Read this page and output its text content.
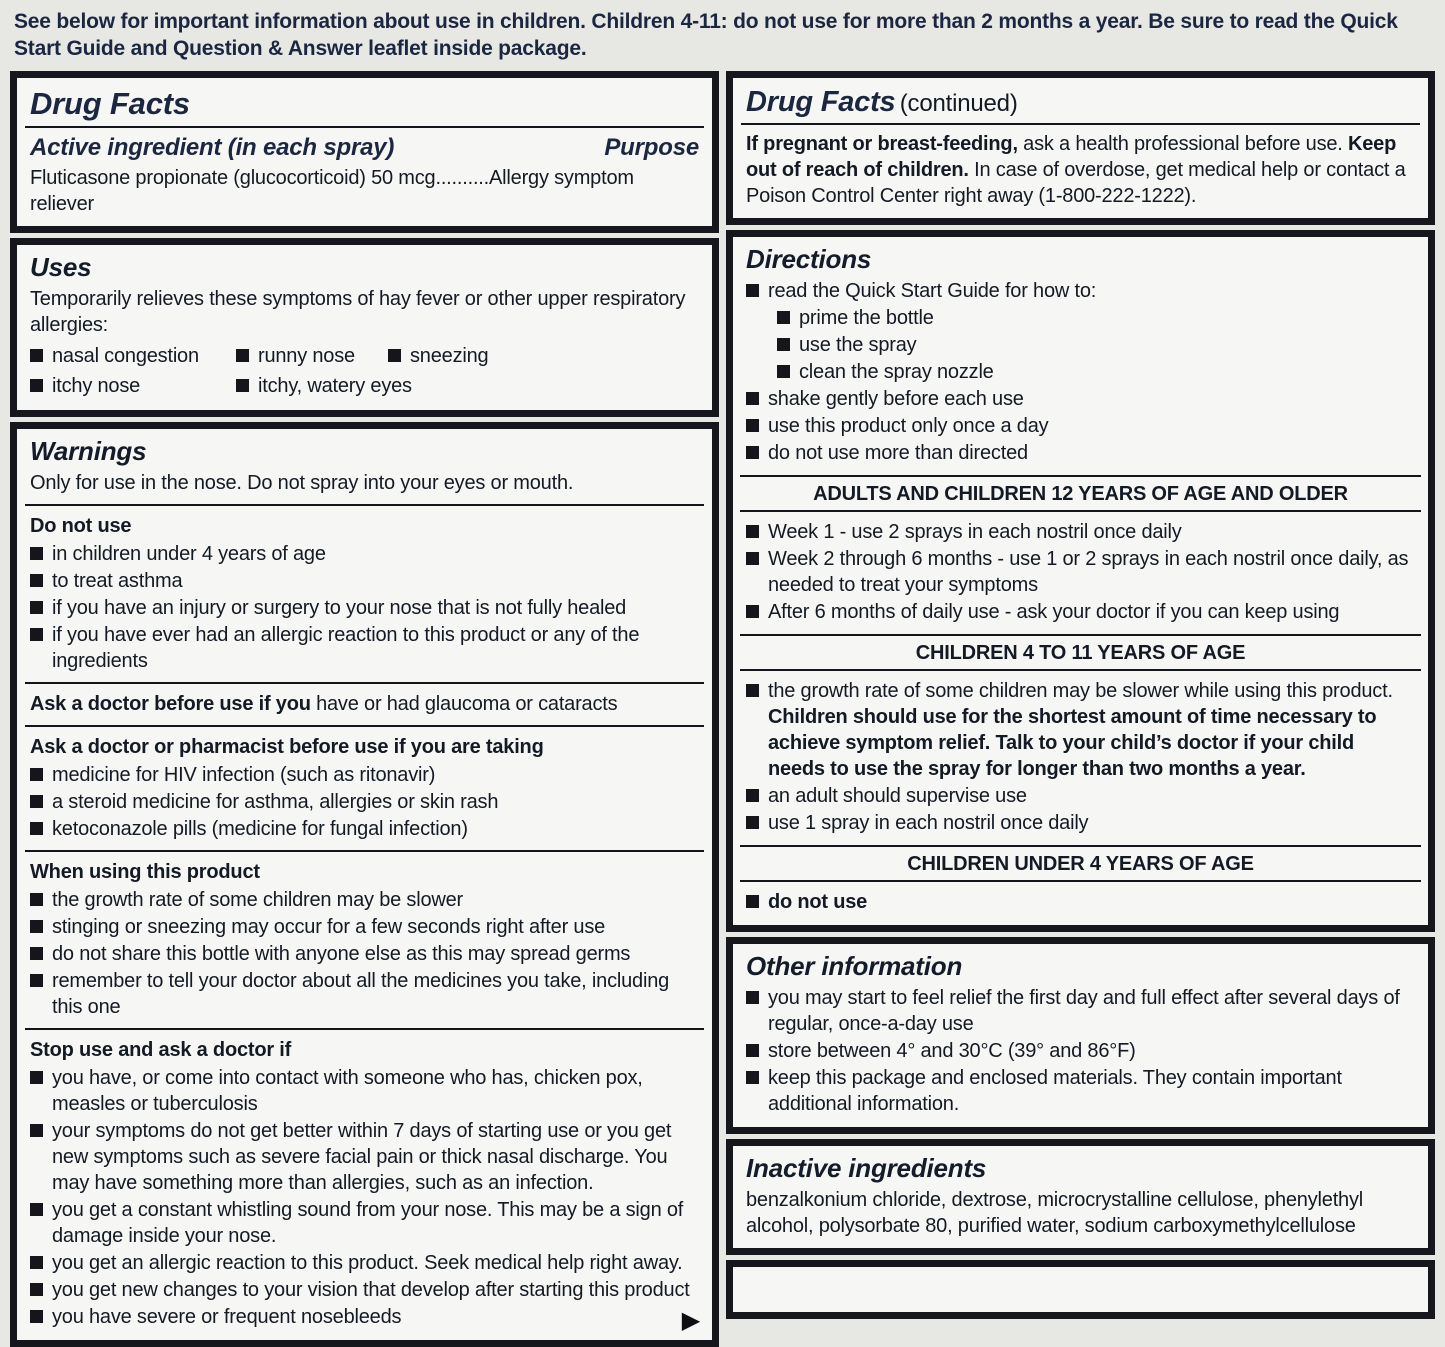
See below for important information about use in children. Children 4-11: do not use for more than 2 months a year. Be sure to read the Quick Start Guide and Question & Answer leaflet inside package.
Drug Facts
Active ingredient (in each spray)	Purpose
Fluticasone propionate (glucocorticoid) 50 mcg..........Allergy symptom reliever
Uses
Temporarily relieves these symptoms of hay fever or other upper respiratory allergies:
nasal congestion	runny nose	sneezing
itchy nose	itchy, watery eyes
Warnings
Only for use in the nose. Do not spray into your eyes or mouth.
Do not use
in children under 4 years of age
to treat asthma
if you have an injury or surgery to your nose that is not fully healed
if you have ever had an allergic reaction to this product or any of the ingredients
Ask a doctor before use if you have or had glaucoma or cataracts
Ask a doctor or pharmacist before use if you are taking
medicine for HIV infection (such as ritonavir)
a steroid medicine for asthma, allergies or skin rash
ketoconazole pills (medicine for fungal infection)
When using this product
the growth rate of some children may be slower
stinging or sneezing may occur for a few seconds right after use
do not share this bottle with anyone else as this may spread germs
remember to tell your doctor about all the medicines you take, including this one
Stop use and ask a doctor if
you have, or come into contact with someone who has, chicken pox, measles or tuberculosis
your symptoms do not get better within 7 days of starting use or you get new symptoms such as severe facial pain or thick nasal discharge. You may have something more than allergies, such as an infection.
you get a constant whistling sound from your nose. This may be a sign of damage inside your nose.
you get an allergic reaction to this product. Seek medical help right away.
you get new changes to your vision that develop after starting this product
you have severe or frequent nosebleeds	▶
Drug Facts (continued)
If pregnant or breast-feeding, ask a health professional before use. Keep out of reach of children. In case of overdose, get medical help or contact a Poison Control Center right away (1-800-222-1222).
Directions
read the Quick Start Guide for how to:
prime the bottle
use the spray
clean the spray nozzle
shake gently before each use
use this product only once a day
do not use more than directed
ADULTS AND CHILDREN 12 YEARS OF AGE AND OLDER
Week 1 - use 2 sprays in each nostril once daily
Week 2 through 6 months - use 1 or 2 sprays in each nostril once daily, as needed to treat your symptoms
After 6 months of daily use - ask your doctor if you can keep using
CHILDREN 4 TO 11 YEARS OF AGE
the growth rate of some children may be slower while using this product. Children should use for the shortest amount of time necessary to achieve symptom relief. Talk to your child’s doctor if your child needs to use the spray for longer than two months a year.
an adult should supervise use
use 1 spray in each nostril once daily
CHILDREN UNDER 4 YEARS OF AGE
do not use
Other information
you may start to feel relief the first day and full effect after several days of regular, once-a-day use
store between 4° and 30°C (39° and 86°F)
keep this package and enclosed materials. They contain important additional information.
Inactive ingredients
benzalkonium chloride, dextrose, microcrystalline cellulose, phenylethyl alcohol, polysorbate 80, purified water, sodium carboxymethylcellulose
